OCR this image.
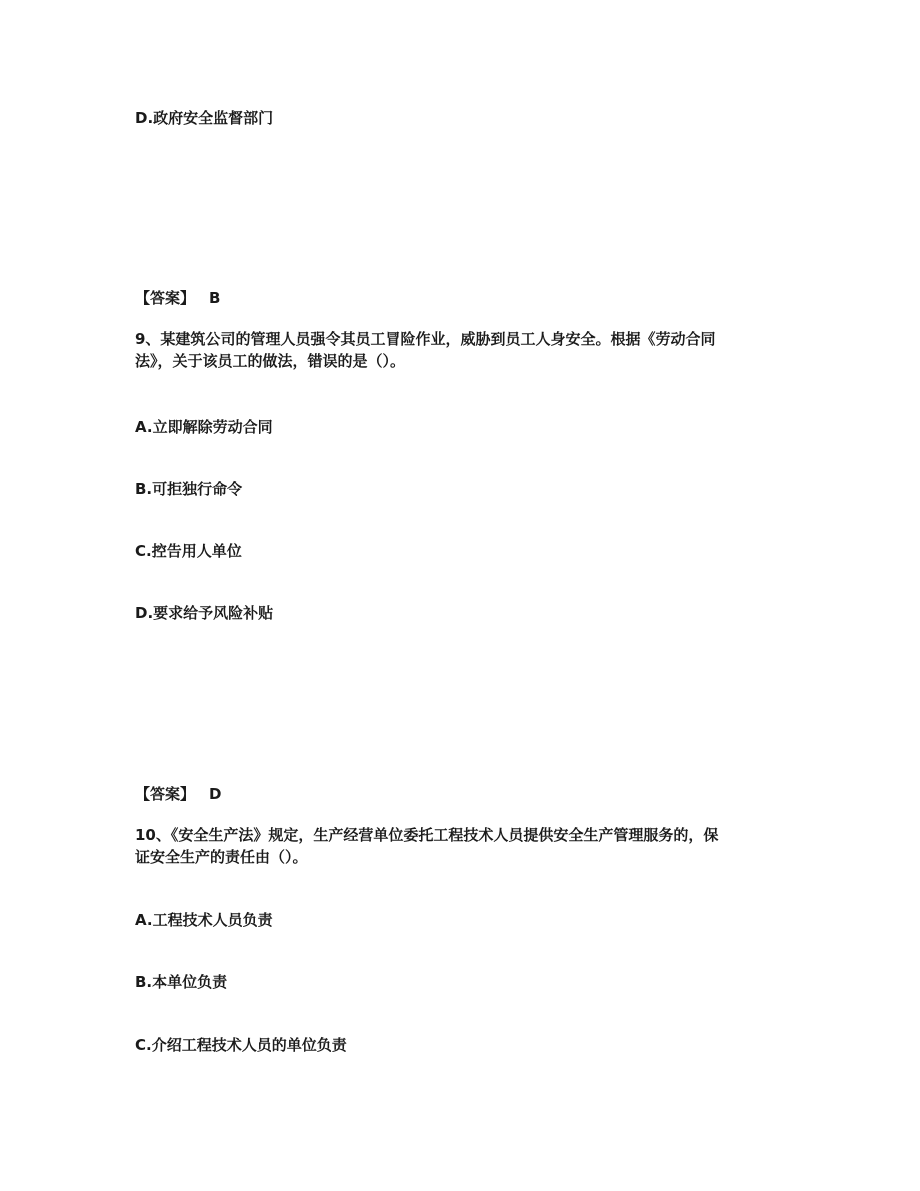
D.政府安全监督部门
【答案】 B
9、某建筑公司的管理人员强令其员工冒险作业，威胁到员工人身安全。根据《劳动合同
法》，关于该员工的做法，错误的是（）。
A.立即解除劳动合同
B.可拒独行命令
C.控告用人单位
D.要求给予风险补贴
【答案】 D
10、《安全生产法》规定，生产经营单位委托工程技术人员提供安全生产管理服务的，保
证安全生产的责任由（）。
A.工程技术人员负责
B.本单位负责
C.介绍工程技术人员的单位负责
